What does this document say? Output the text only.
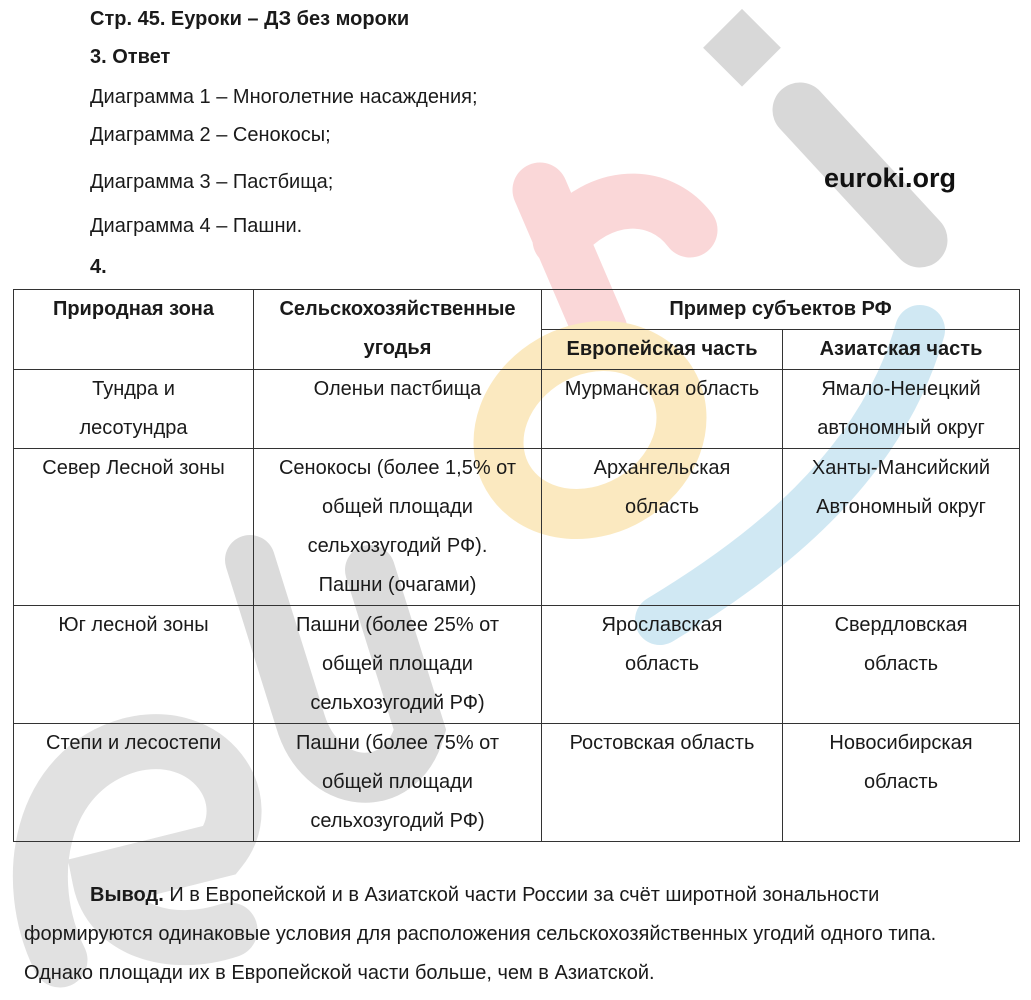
Стр. 45. Еуроки – ДЗ без мороки
3. Ответ
Диаграмма 1 – Многолетние насаждения;
Диаграмма 2 – Сенокосы;
Диаграмма 3 – Пастбища;
Диаграмма 4 – Пашни.
4.
euroki.org
Природная зона	Сельскохозяйственные угодья	Пример субъектов РФ	

		Европейская часть	Азиатская часть

Тундра и
лесотундра	Оленьи пастбища	Мурманская область	Ямало-Ненецкий
автономный округ

Север Лесной зоны	Сенокосы (более 1,5% от
общей площади
сельхозугодий РФ).
Пашни (очагами)	Архангельская
область	Ханты-Мансийский
Автономный округ

Юг лесной зоны	Пашни (более 25% от
общей площади
сельхозугодий РФ)	Ярославская
область	Свердловская
область

Степи и лесостепи	Пашни (более 75% от
общей площади
сельхозугодий РФ)	Ростовская область	Новосибирская
область
Вывод. И в Европейской и в Азиатской части России за счёт широтной зональности формируются одинаковые условия для расположения сельскохозяйственных угодий одного типа. Однако площади их в Европейской части больше, чем в Азиатской.
